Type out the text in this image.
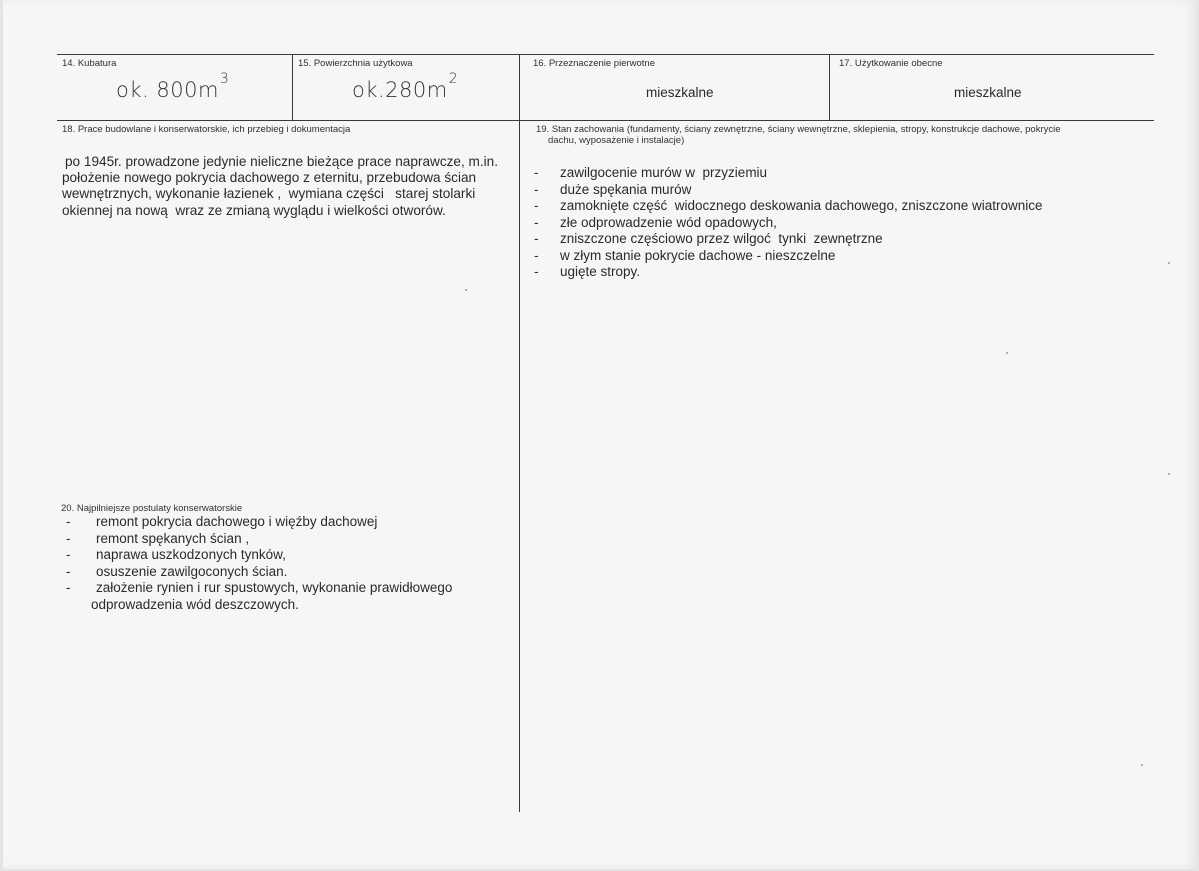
14. Kubatura
ok. $800m^3$
15. Powierzchnia użytkowa
$ok.280m^2$
16. Przeznaczenie pierwotne
mieszkalne
17. Użytkowanie obecne
mieszkalne
18. Prace budowlane i konserwatorskie, ich przebieg i dokumentacja
po 1945r. prowadzone jedynie nieliczne bieżące prace naprawcze, m.in.
położenie nowego pokrycia dachowego z eternitu, przebudowa ścian
wewnętrznych, wykonanie łazienek ,  wymiana części   starej stolarki
okiennej na nową  wraz ze zmianą wyglądu i wielkości otworów.
19. Stan zachowania (fundamenty, ściany zewnętrzne, ściany wewnętrzne, sklepienia, stropy, konstrukcje dachowe, pokrycie
dachu, wyposażenie i instalacje)
- zawilgocenie murów w  przyziemiu
- duże spękania murów
- zamoknięte część  widocznego deskowania dachowego, zniszczone wiatrownice
- złe odprowadzenie wód opadowych,
- zniszczone częściowo przez wilgoć  tynki  zewnętrzne
- w złym stanie pokrycie dachowe - nieszczelne
- ugięte stropy.
20. Najpilniejsze postulaty konserwatorskie
- remont pokrycia dachowego i więźby dachowej
- remont spękanych ścian ,
- naprawa uszkodzonych tynków,
- osuszenie zawilgoconych ścian.
- założenie rynien i rur spustowych, wykonanie prawidłowego
odprowadzenia wód deszczowych.
